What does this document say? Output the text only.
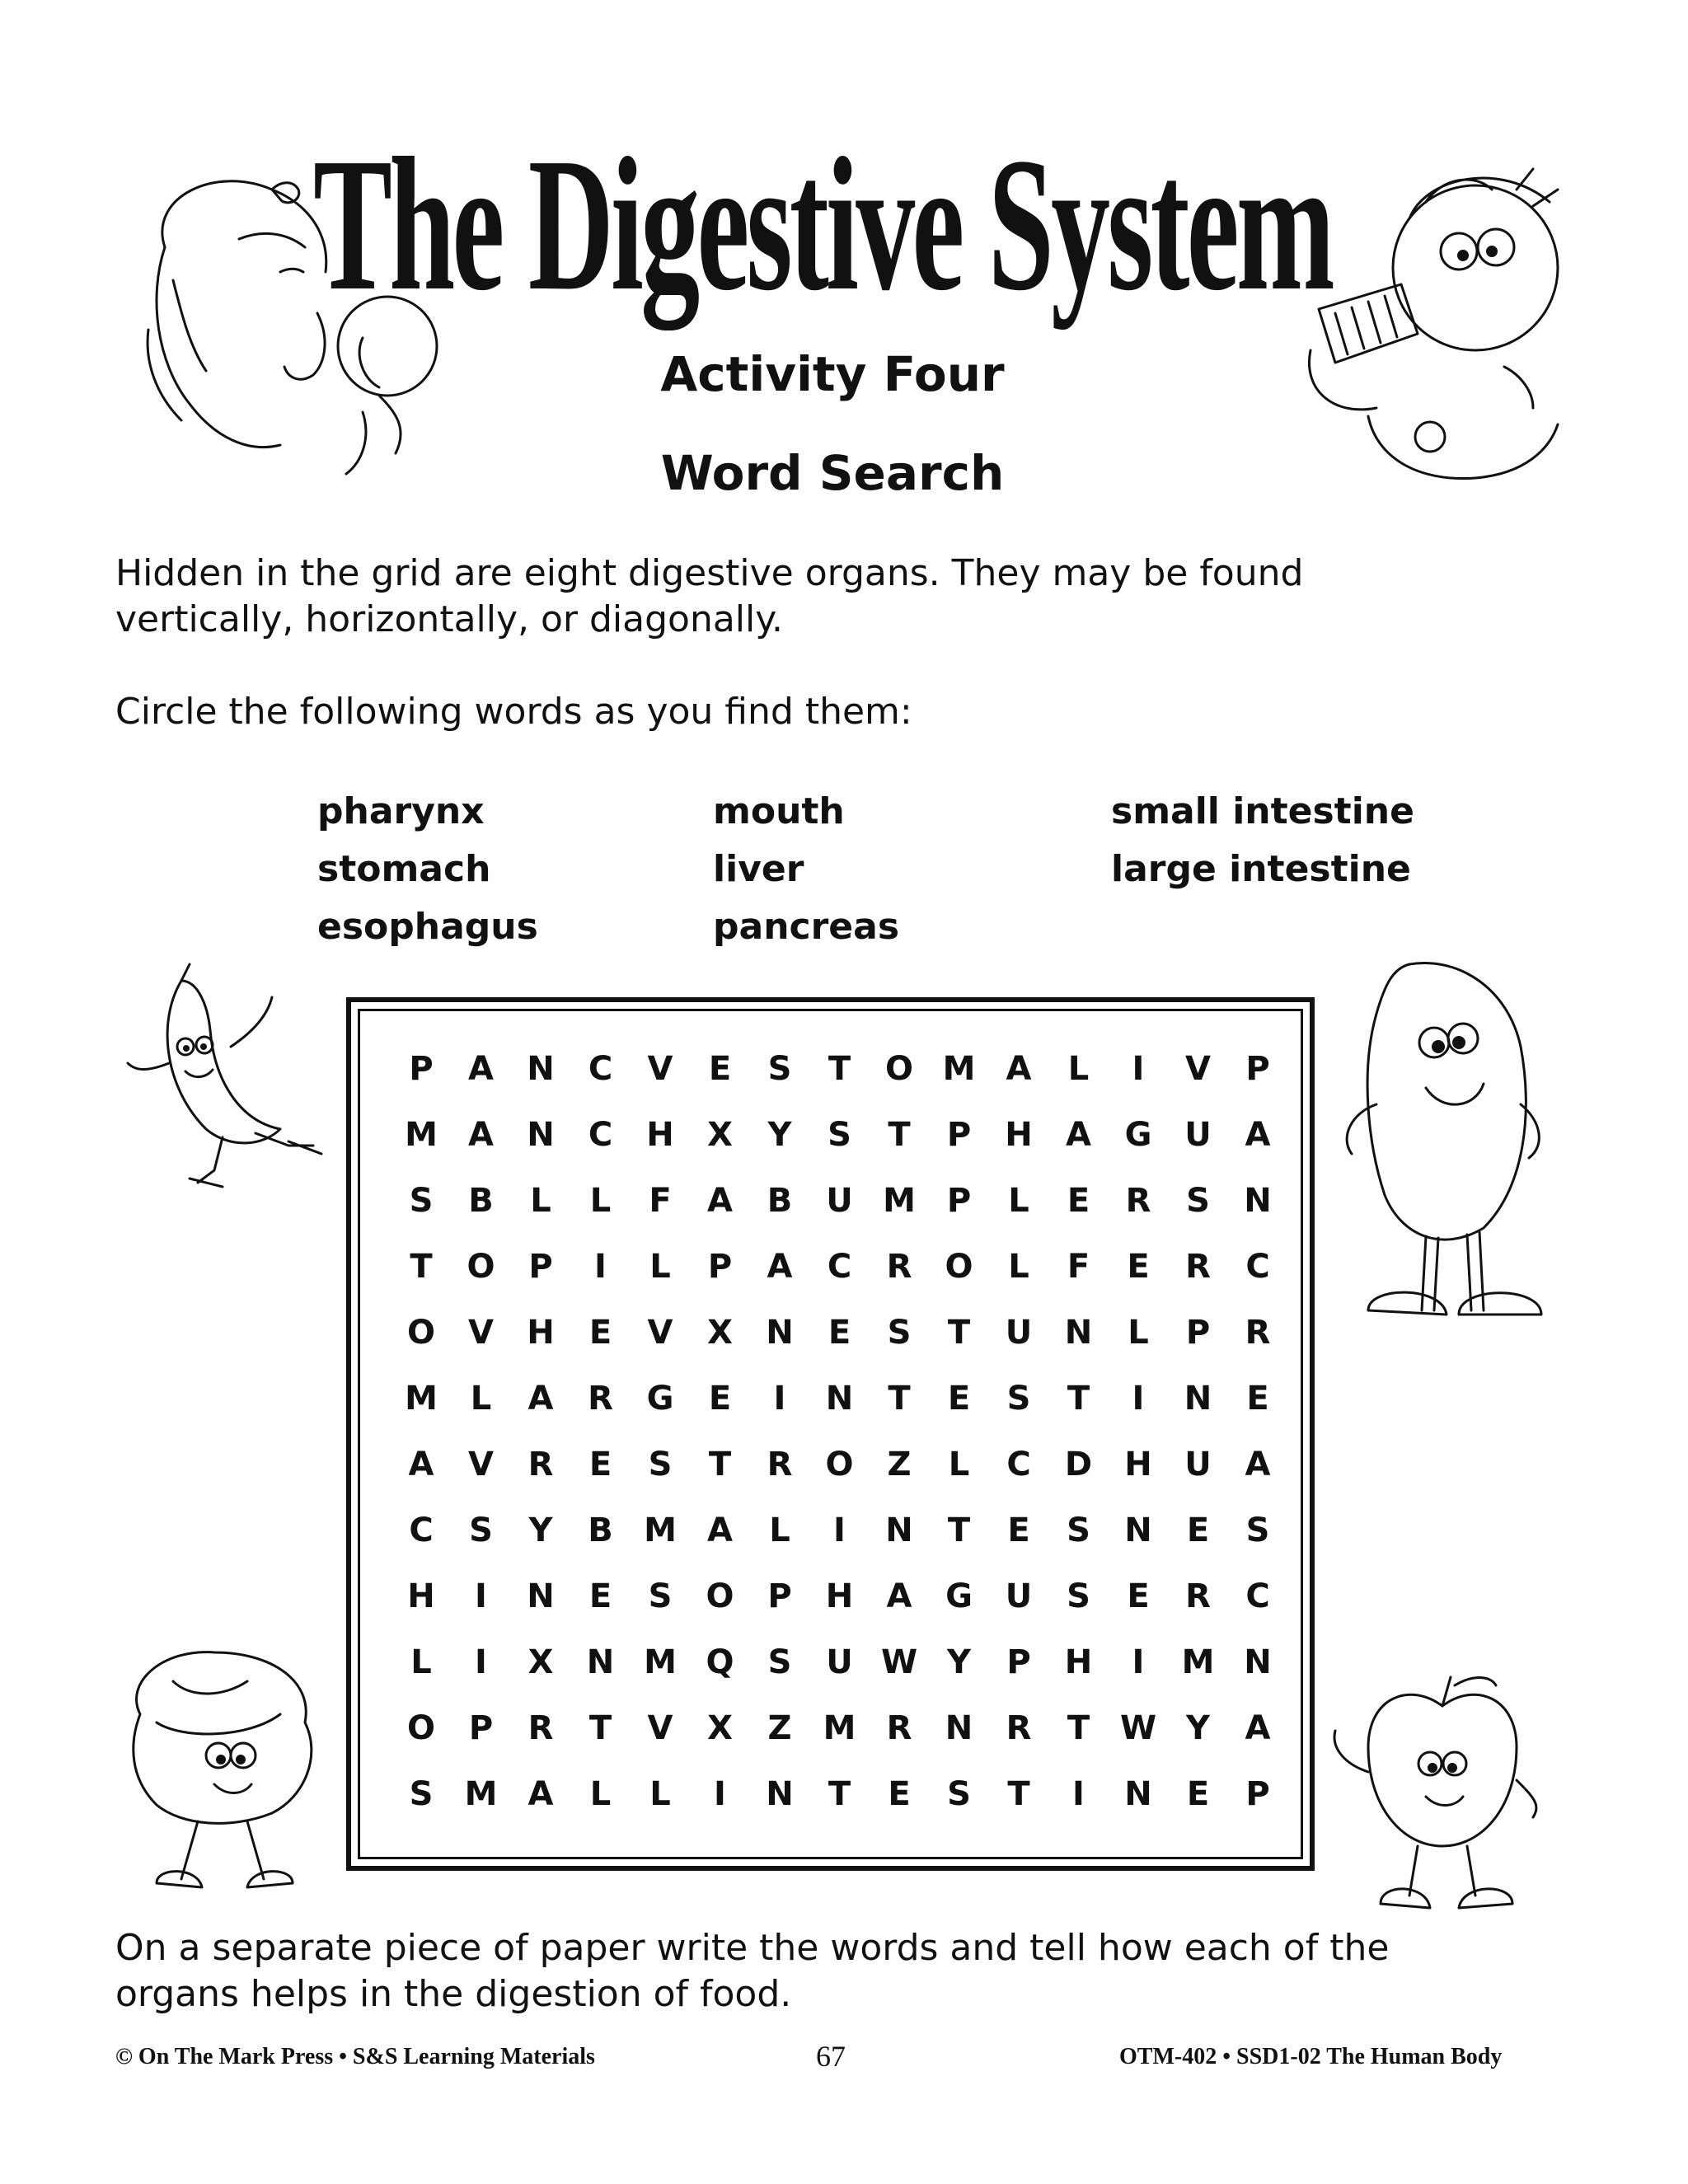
The Digestive System
Activity Four
Word Search
Hidden in the grid are eight digestive organs. They may be found
vertically, horizontally, or diagonally.
Circle the following words as you find them:
pharynx
stomach
esophagus
mouth
liver
pancreas
small intestine
large intestine
P	A	N	C	V	E	S	T	O M A	L	I	V	P
M A	N	C	H	X	Y	S	T	P	H	A	G U	A
S	B	L	L	F	A	B	U M P	L	E	R	S	N
T	O	P	I	L	P	A	C	R	O	L	F	E	R	C
O	V	H	E	V	X	N	E	S	T	U N	L	P	R
M L	A	R	G	E	I	N	T	E	S	T	I	N	E
A	V	R	E	S	T	R	O	Z	L	C	D H U	A
C	S	Y	B M A	L	I	N	T	E	S	N	E	S
H	I	N	E	S	O	P	H	A	G U	S	E	R	C
L	I	X	N M Q	S	U W Y	P	H	I	M N
O	P	R	T	V	X	Z M R	N	R	T W Y	A
S M A	L	L	I	N	T	E	S	T	I	N	E	P
On a separate piece of paper write the words and tell how each of the
organs helps in the digestion of food.
© On The Mark Press • S&S Learning Materials	67	OTM-402 • SSD1-02 The Human Body
